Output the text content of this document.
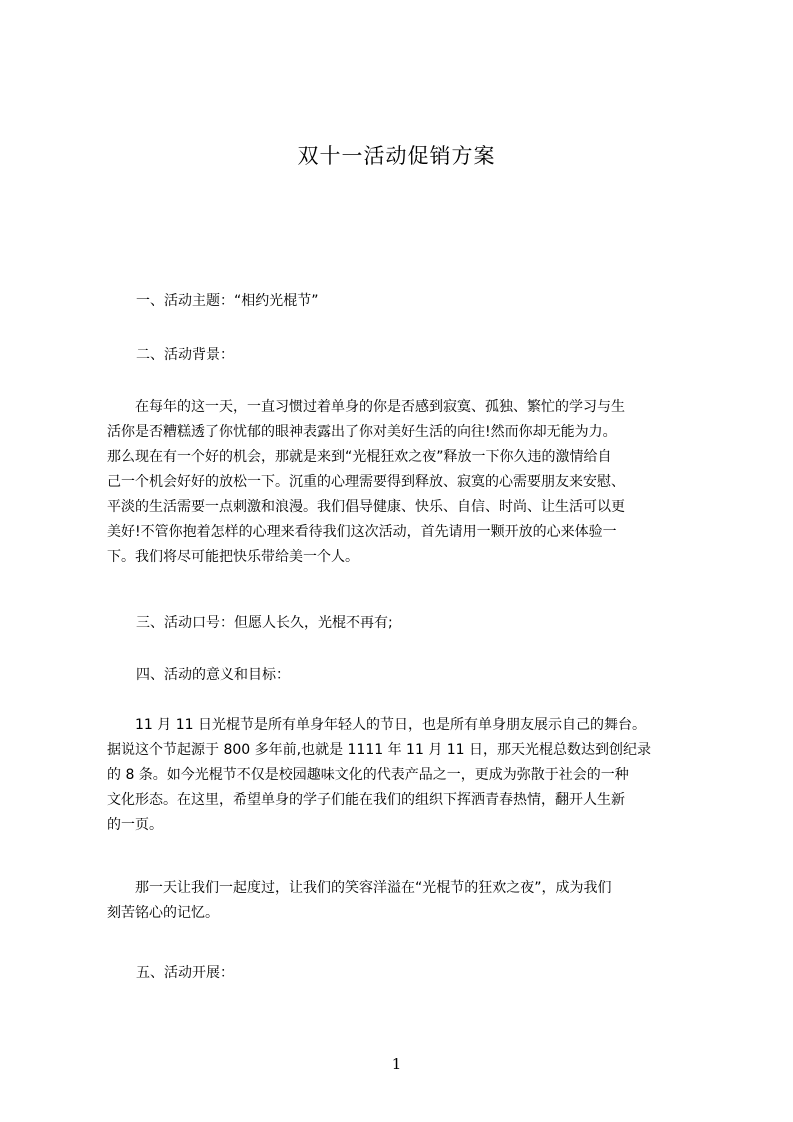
双十一活动促销方案
一、活动主题：“相约光棍节”
二、活动背景：
　　在每年的这一天，一直习惯过着单身的你是否感到寂寞、孤独、繁忙的学习与生
活你是否糟糕透了你忧郁的眼神表露出了你对美好生活的向往!然而你却无能为力。
那么现在有一个好的机会，那就是来到“光棍狂欢之夜”释放一下你久违的激情给自
己一个机会好好的放松一下。沉重的心理需要得到释放、寂寞的心需要朋友来安慰、
平淡的生活需要一点刺激和浪漫。我们倡导健康、快乐、自信、时尚、让生活可以更
美好!不管你抱着怎样的心理来看待我们这次活动，首先请用一颗开放的心来体验一
下。我们将尽可能把快乐带给美一个人。
三、活动口号：但愿人长久，光棍不再有;
四、活动的意义和目标：
　　11 月 11 日光棍节是所有单身年轻人的节日，也是所有单身朋友展示自己的舞台。
据说这个节起源于 800 多年前,也就是 1111 年 11 月 11 日，那天光棍总数达到创纪录
的 8 条。如今光棍节不仅是校园趣味文化的代表产品之一，更成为弥散于社会的一种
文化形态。在这里，希望单身的学子们能在我们的组织下挥洒青春热情，翻开人生新
的一页。
　　那一天让我们一起度过，让我们的笑容洋溢在“光棍节的狂欢之夜”，成为我们
刻苦铭心的记忆。
五、活动开展：
1
